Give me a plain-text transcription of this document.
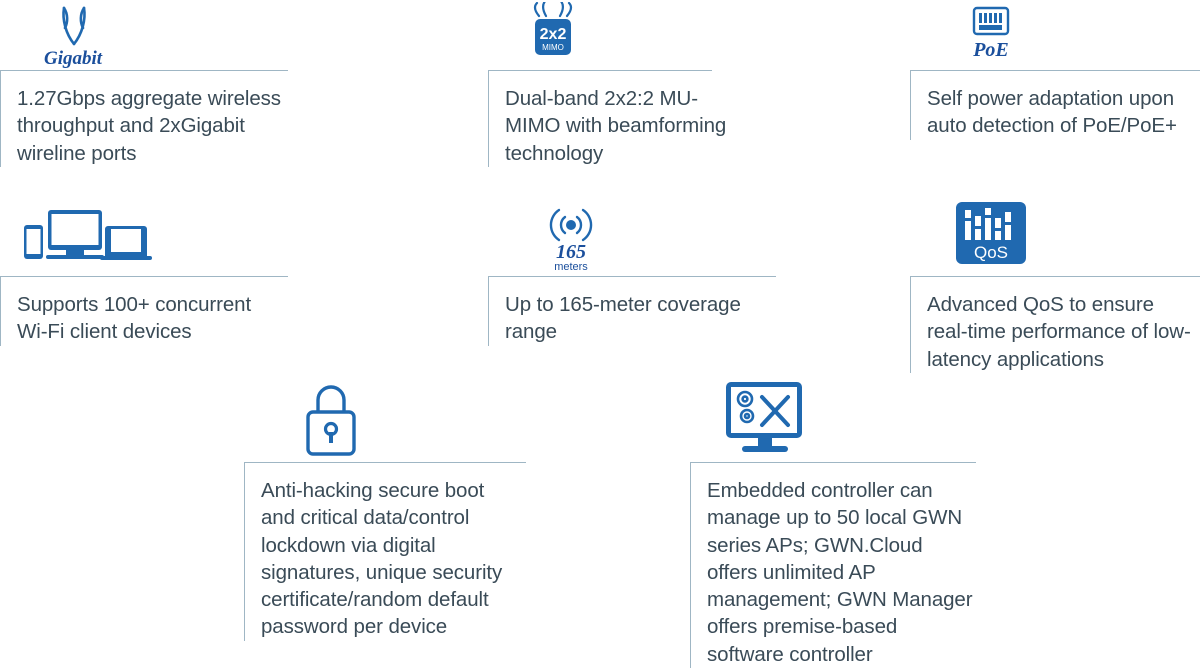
Gigabit
1.27Gbps aggregate wireless throughput and 2xGigabit wireline ports
2x2
MIMO
Dual-band 2x2:2 MU-MIMO with beamforming technology
PoE
Self power adaptation upon auto detection of PoE/PoE+
Supports 100+ concurrent Wi-Fi client devices
165
meters
Up to 165-meter coverage range
QoS
Advanced QoS to ensure real-time performance of low-latency applications
Anti-hacking secure boot and critical data/control lockdown via digital signatures, unique security certificate/random default password per device
Embedded controller can manage up to 50 local GWN series APs; GWN.Cloud offers unlimited AP management; GWN Manager offers premise-based software controller
